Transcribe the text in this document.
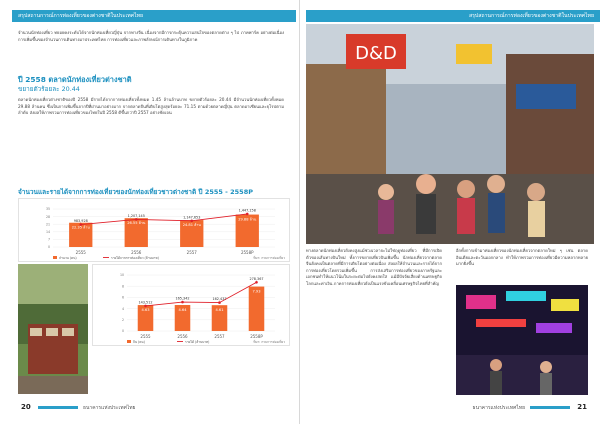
สรุปสถานการณ์การท่องเที่ยวของต่างชาติในประเทศไทย

จำนวนนักท่องเที่ยว ทยอยคงระดับได้จากนักท่องเที่ยวญี่ปุ่น จากทางจีน เนื่องจากมีการกระตุ้นความสนใจของตลาดต่าง ๆ ไป ภาคพาร์ค อย่างต่อเนื่อง การเพิ่มขึ้นของจำนวนการเดินทางมาประเทศไทย การท่องเที่ยวและภาพลักษณ์การเดินทางในภูมิภาค

ปี 2558 ตลาดนักท่องเที่ยวต่างชาติ
ขยายตัวร้อยละ 20.44

ตลาดนักท่องเที่ยวต่างชาติของปี 2558 มีรายได้จากการท่องเที่ยวทั้งหมด 1.45 ล้านล้านบาท ขยายตัวร้อยละ 20.44 มีจำนวนนักท่องเที่ยวทั้งหมด 29.88 ล้านคน ซึ่งเป็นการเพิ่มขึ้นจากปีที่ผ่านมาอย่างมาก จากตลาดจีนที่เติบโตสูงสุดร้อยละ 71.15 ตามด้วยตลาดญี่ปุ่น ตลาดอาเซียนและยุโรปตามลำดับ ส่งผลให้ภาพรวมการท่องเที่ยวของไทยในปี 2558 ดีขึ้นกว่าปี 2557 อย่างชัดเจน

จำนวนและรายได้จากการท่องเที่ยวของนักท่องเที่ยวชาวต่างชาติ ปี 2555 - 2558P
22.35 ล้าน
2555
26.55 ล้าน
2556
24.81 ล้าน
2557
29.88 ล้าน
2558P
983,928
1,207,145	1,147,653
1,447,158
0
7
14
21
28
35
จำนวน (คน)	รายได้จากการท่องเที่ยว (ล้านบาท)	ที่มา: กรมการท่องเที่ยว
4.63
2555
4.64
2556
4.61
2557
7.93
2558P
143,512
165,342	162,437
278,367
0
2
4
6
8
10
จีน (คน)	รายได้ (ล้านบาท)	ที่มา: กรมการท่องเที่ยว
20	ธนาคารแห่งประเทศไทย
สรุปสถานการณ์การท่องเที่ยวของต่างชาติในประเทศไทย
D&D

ทางตลาดนักท่องเที่ยวยังคงสูงแม้ช่วงเวลาจะไม่ใช่ฤดูท่องเที่ยว ที่มีการเปิดตัวของเส้นทางบินใหม่ ทั้งการขยายเที่ยวบินเพิ่มขึ้น นักท่องเที่ยวจากตลาดจีนยังคงเป็นตลาดที่มีการเติบโตอย่างต่อเนื่อง ส่งผลให้จำนวนและรายได้จากการท่องเที่ยวโดยรวมเพิ่มขึ้น การส่งเสริมการท่องเที่ยวของภาครัฐและเอกชนทำให้แนวโน้มในระยะต่อไปยังคงสดใส แม้มีปัจจัยเสี่ยงด้านเศรษฐกิจโลกและค่าเงิน ภาคการท่องเที่ยวยังเป็นแรงขับเคลื่อนเศรษฐกิจไทยที่สำคัญ

อีกทั้งการเข้ามาท่องเที่ยวของนักท่องเที่ยวจากตลาดใหม่ ๆ เช่น ตลาดอินเดียและตะวันออกกลาง ทำให้ภาพรวมการท่องเที่ยวมีความหลากหลายมากยิ่งขึ้น

ธนาคารแห่งประเทศไทย	21
